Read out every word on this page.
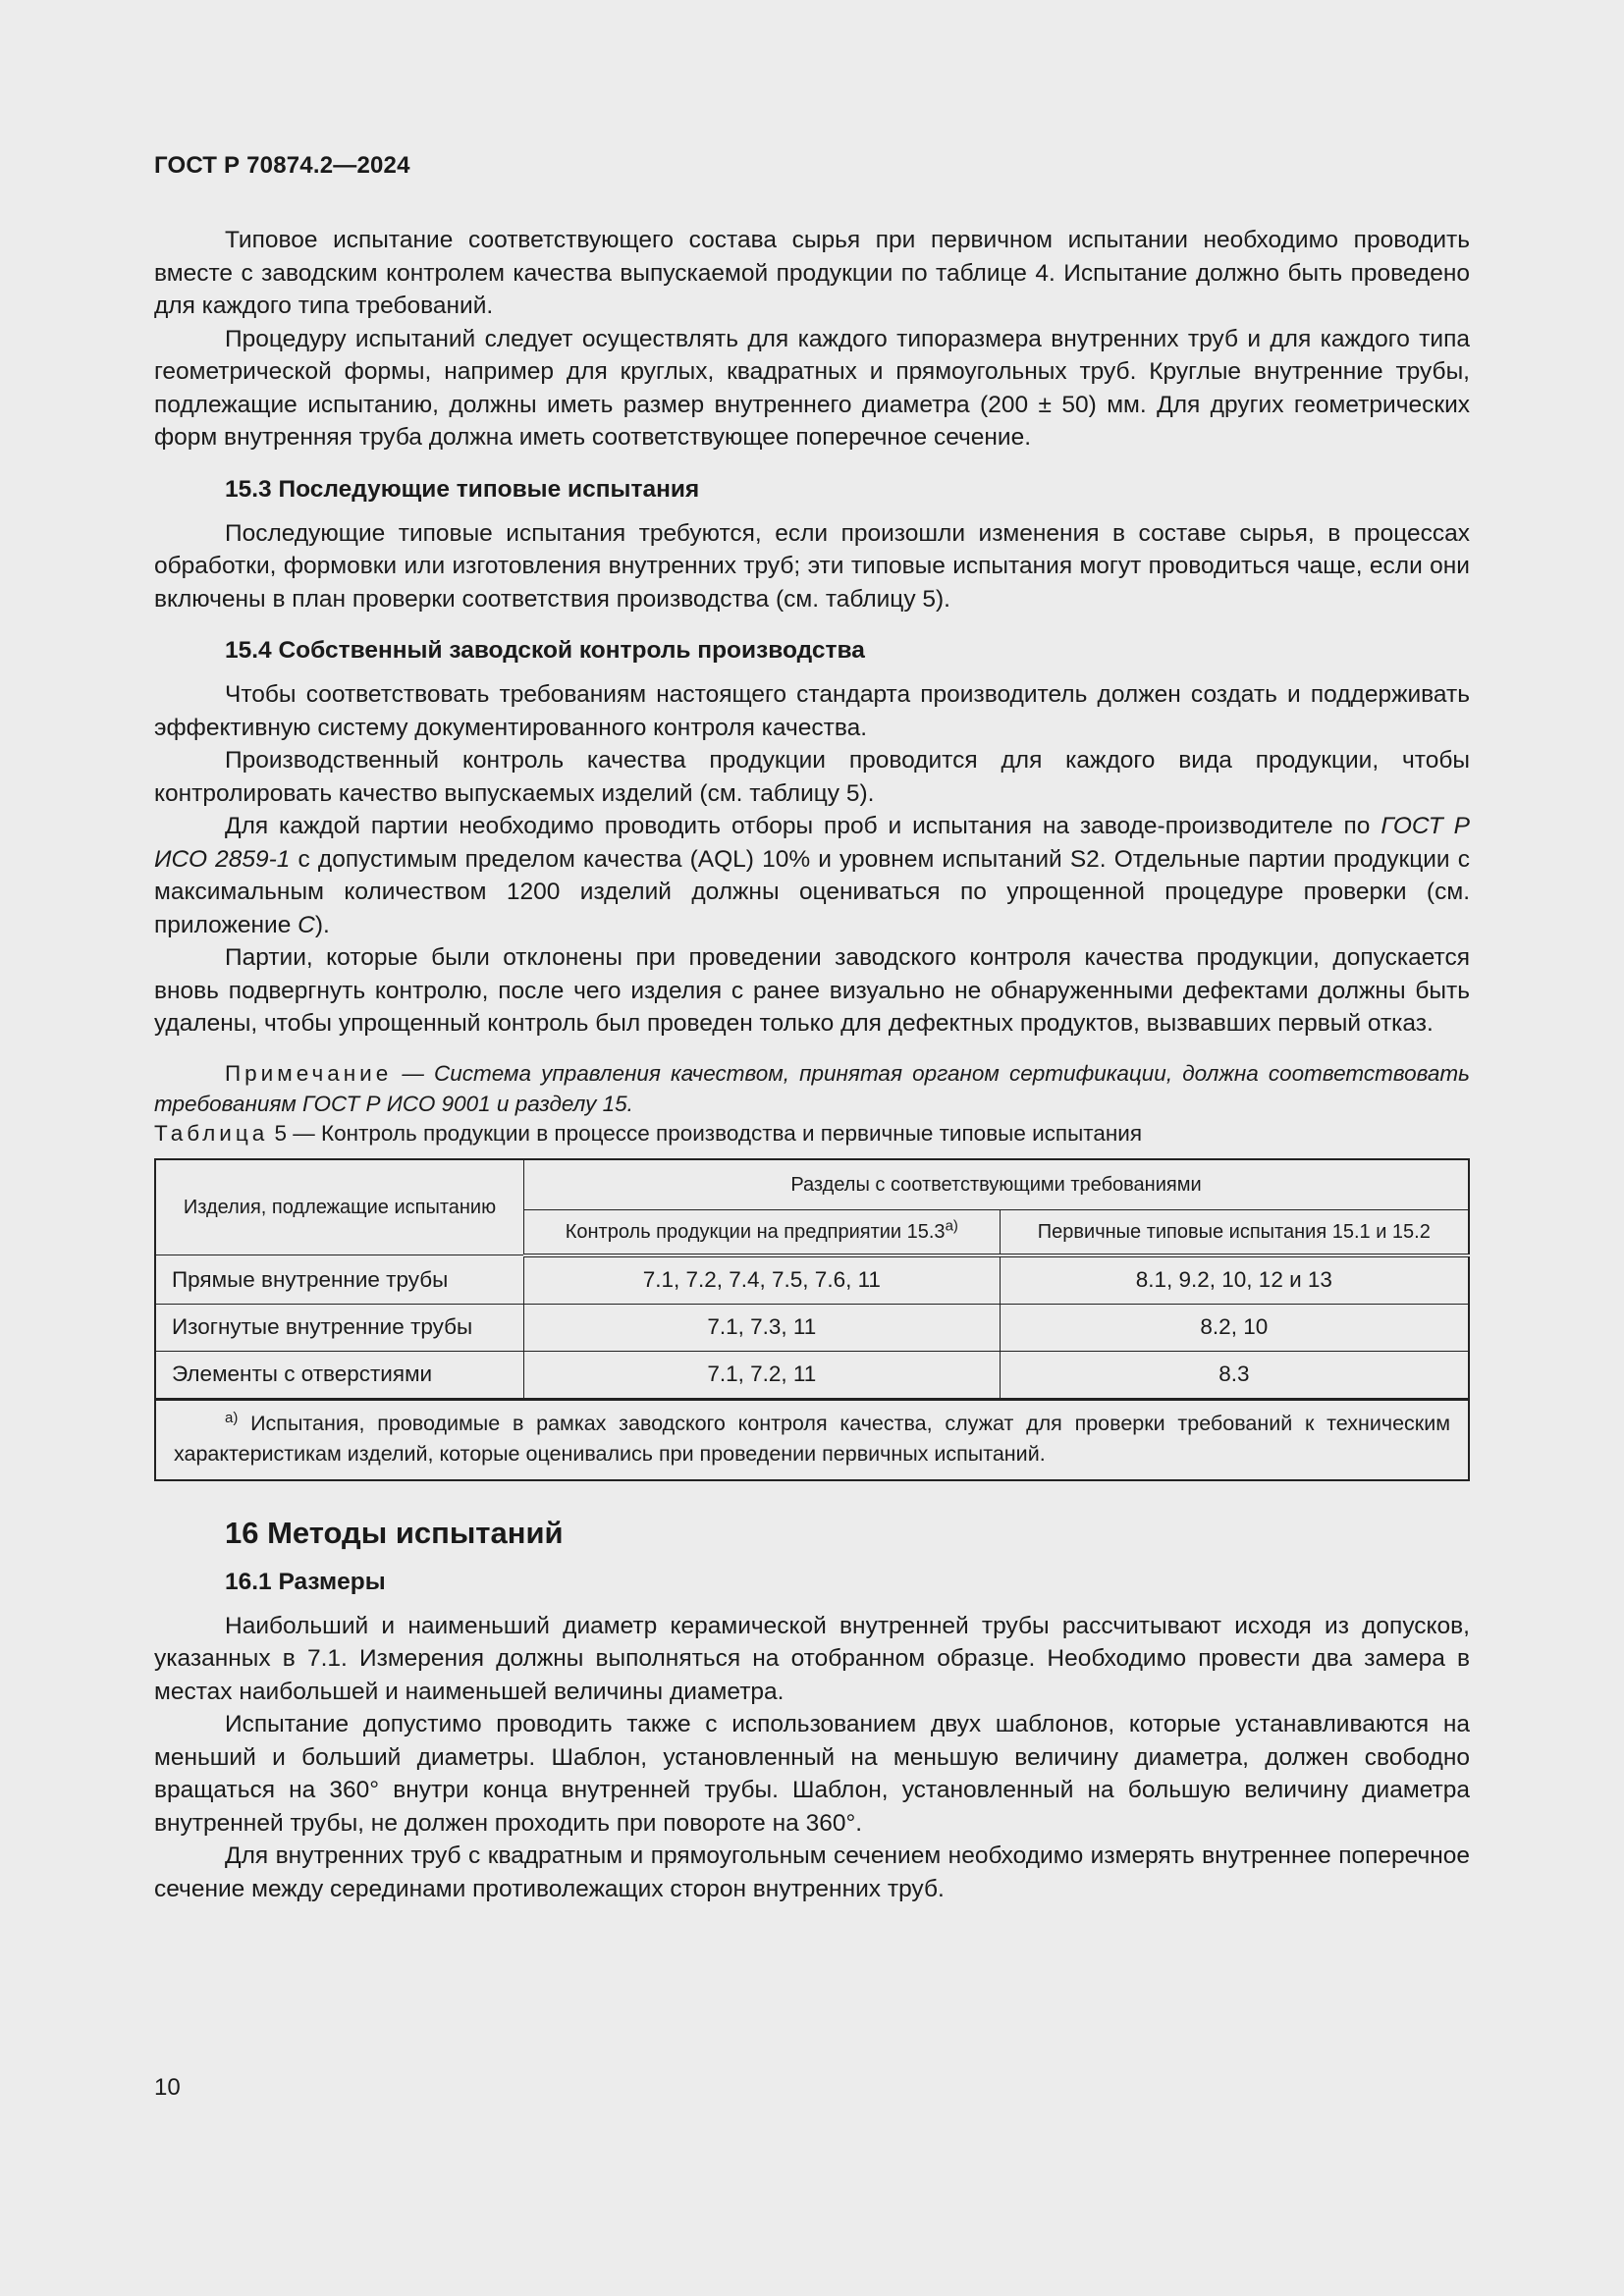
ГОСТ Р 70874.2—2024

Типовое испытание соответствующего состава сырья при первичном испытании необходимо проводить вместе с заводским контролем качества выпускаемой продукции по таблице 4. Испытание должно быть проведено для каждого типа требований.

Процедуру испытаний следует осуществлять для каждого типоразмера внутренних труб и для каждого типа геометрической формы, например для круглых, квадратных и прямоугольных труб. Круглые внутренние трубы, подлежащие испытанию, должны иметь размер внутреннего диаметра (200 ± 50) мм. Для других геометрических форм внутренняя труба должна иметь соответствующее поперечное сечение.

15.3 Последующие типовые испытания

Последующие типовые испытания требуются, если произошли изменения в составе сырья, в процессах обработки, формовки или изготовления внутренних труб; эти типовые испытания могут проводиться чаще, если они включены в план проверки соответствия производства (см. таблицу 5).

15.4 Собственный заводской контроль производства

Чтобы соответствовать требованиям настоящего стандарта производитель должен создать и поддерживать эффективную систему документированного контроля качества.

Производственный контроль качества продукции проводится для каждого вида продукции, чтобы контролировать качество выпускаемых изделий (см. таблицу 5).

Для каждой партии необходимо проводить отборы проб и испытания на заводе-производителе по ГОСТ Р ИСО 2859-1 с допустимым пределом качества (AQL) 10% и уровнем испытаний S2. Отдельные партии продукции с максимальным количеством 1200 изделий должны оцениваться по упрощенной процедуре проверки (см. приложение С).

Партии, которые были отклонены при проведении заводского контроля качества продукции, допускается вновь подвергнуть контролю, после чего изделия с ранее визуально не обнаруженными дефектами должны быть удалены, чтобы упрощенный контроль был проведен только для дефектных продуктов, вызвавших первый отказ.

Примечание — Система управления качеством, принятая органом сертификации, должна соответствовать требованиям ГОСТ Р ИСО 9001 и разделу 15.

Таблица 5 — Контроль продукции в процессе производства и первичные типовые испытания

Изделия, подлежащие испытанию	Разделы с соответствующими требованиями	
	Контроль продукции на предприятии $15.3^{а)}$	Первичные типовые испытания 15.1 и 15.2
Прямые внутренние трубы	7.1, 7.2, 7.4, 7.5, 7.6, 11	8.1, 9.2, 10, 12 и 13
Изогнутые внутренние трубы	7.1, 7.3, 11	8.2, 10
Элементы с отверстиями	7.1, 7.2, 11	8.3
$^{а)}$ Испытания, проводимые в рамках заводского контроля качества, служат для проверки требований к техническим характеристикам изделий, которые оценивались при проведении первичных испытаний.		

16 Методы испытаний

16.1 Размеры

Наибольший и наименьший диаметр керамической внутренней трубы рассчитывают исходя из допусков, указанных в 7.1. Измерения должны выполняться на отобранном образце. Необходимо провести два замера в местах наибольшей и наименьшей величины диаметра.

Испытание допустимо проводить также с использованием двух шаблонов, которые устанавливаются на меньший и больший диаметры. Шаблон, установленный на меньшую величину диаметра, должен свободно вращаться на 360° внутри конца внутренней трубы. Шаблон, установленный на большую величину диаметра внутренней трубы, не должен проходить при повороте на 360°.

Для внутренних труб с квадратным и прямоугольным сечением необходимо измерять внутреннее поперечное сечение между серединами противолежащих сторон внутренних труб.

10
